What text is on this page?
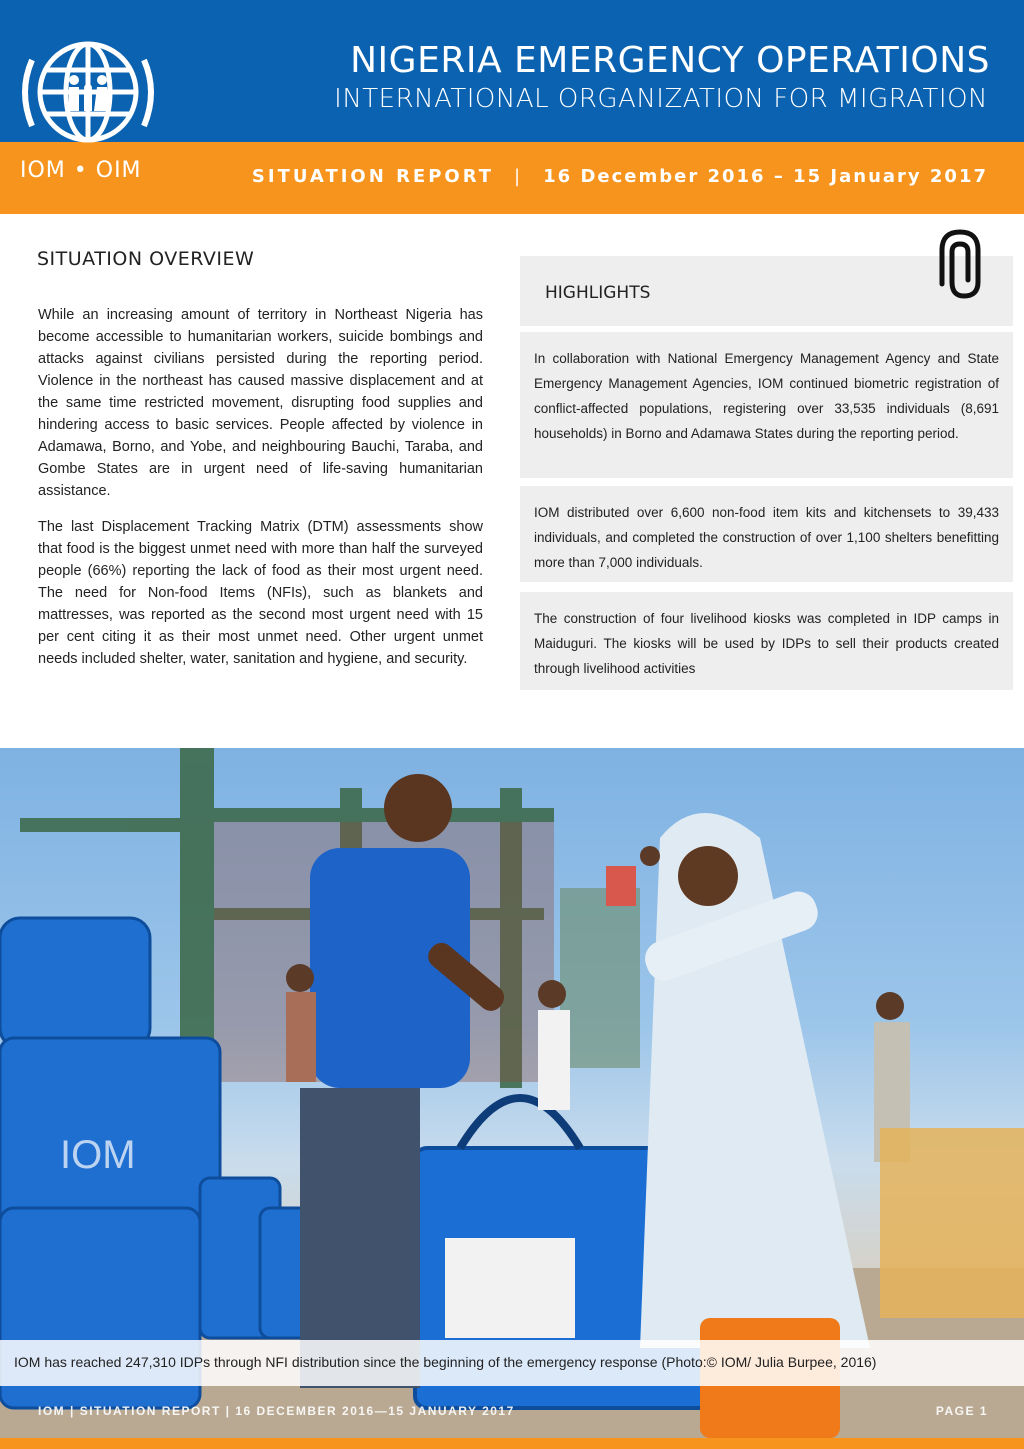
IOM • OIM
NIGERIA EMERGENCY OPERATIONS
INTERNATIONAL ORGANIZATION FOR MIGRATION
SITUATION REPORT | 16 December 2016 – 15 January 2017
SITUATION OVERVIEW

While an increasing amount of territory in Northeast Nigeria has become accessible to humanitarian workers, suicide bombings and attacks against civilians persisted during the reporting period. Violence in the northeast has caused massive displacement and at the same time restricted movement, disrupting food supplies and hindering access to basic services. People affected by violence in Adamawa, Borno, and Yobe, and neighbouring Bauchi, Taraba, and Gombe States are in urgent need of life-saving humanitarian assistance.

The last Displacement Tracking Matrix (DTM) assessments show that food is the biggest unmet need with more than half the surveyed people (66%) reporting the lack of food as their most urgent need. The need for Non-food Items (NFIs), such as blankets and mattresses, was reported as the second most urgent need with 15 per cent citing it as their most unmet need. Other urgent unmet needs included shelter, water, sanitation and hygiene, and security.

HIGHLIGHTS
In collaboration with National Emergency Management Agency and State Emergency Management Agencies, IOM continued biometric registration of conflict-affected populations, registering over 33,535 individuals (8,691 households) in Borno and Adamawa States during the reporting period.
IOM distributed over 6,600 non-food item kits and kitchensets to 39,433 individuals, and completed the construction of over 1,100 shelters benefitting more than 7,000 individuals.
The construction of four livelihood kiosks was completed in IDP camps in Maiduguri. The kiosks will be used by IDPs to sell their products created through livelihood activities
IOM
IOM has reached 247,310 IDPs through NFI distribution since the beginning of the emergency response (Photo:© IOM/ Julia Burpee, 2016)
IOM | SITUATION REPORT | 16 DECEMBER 2016—15 JANUARY 2017	PAGE 1
